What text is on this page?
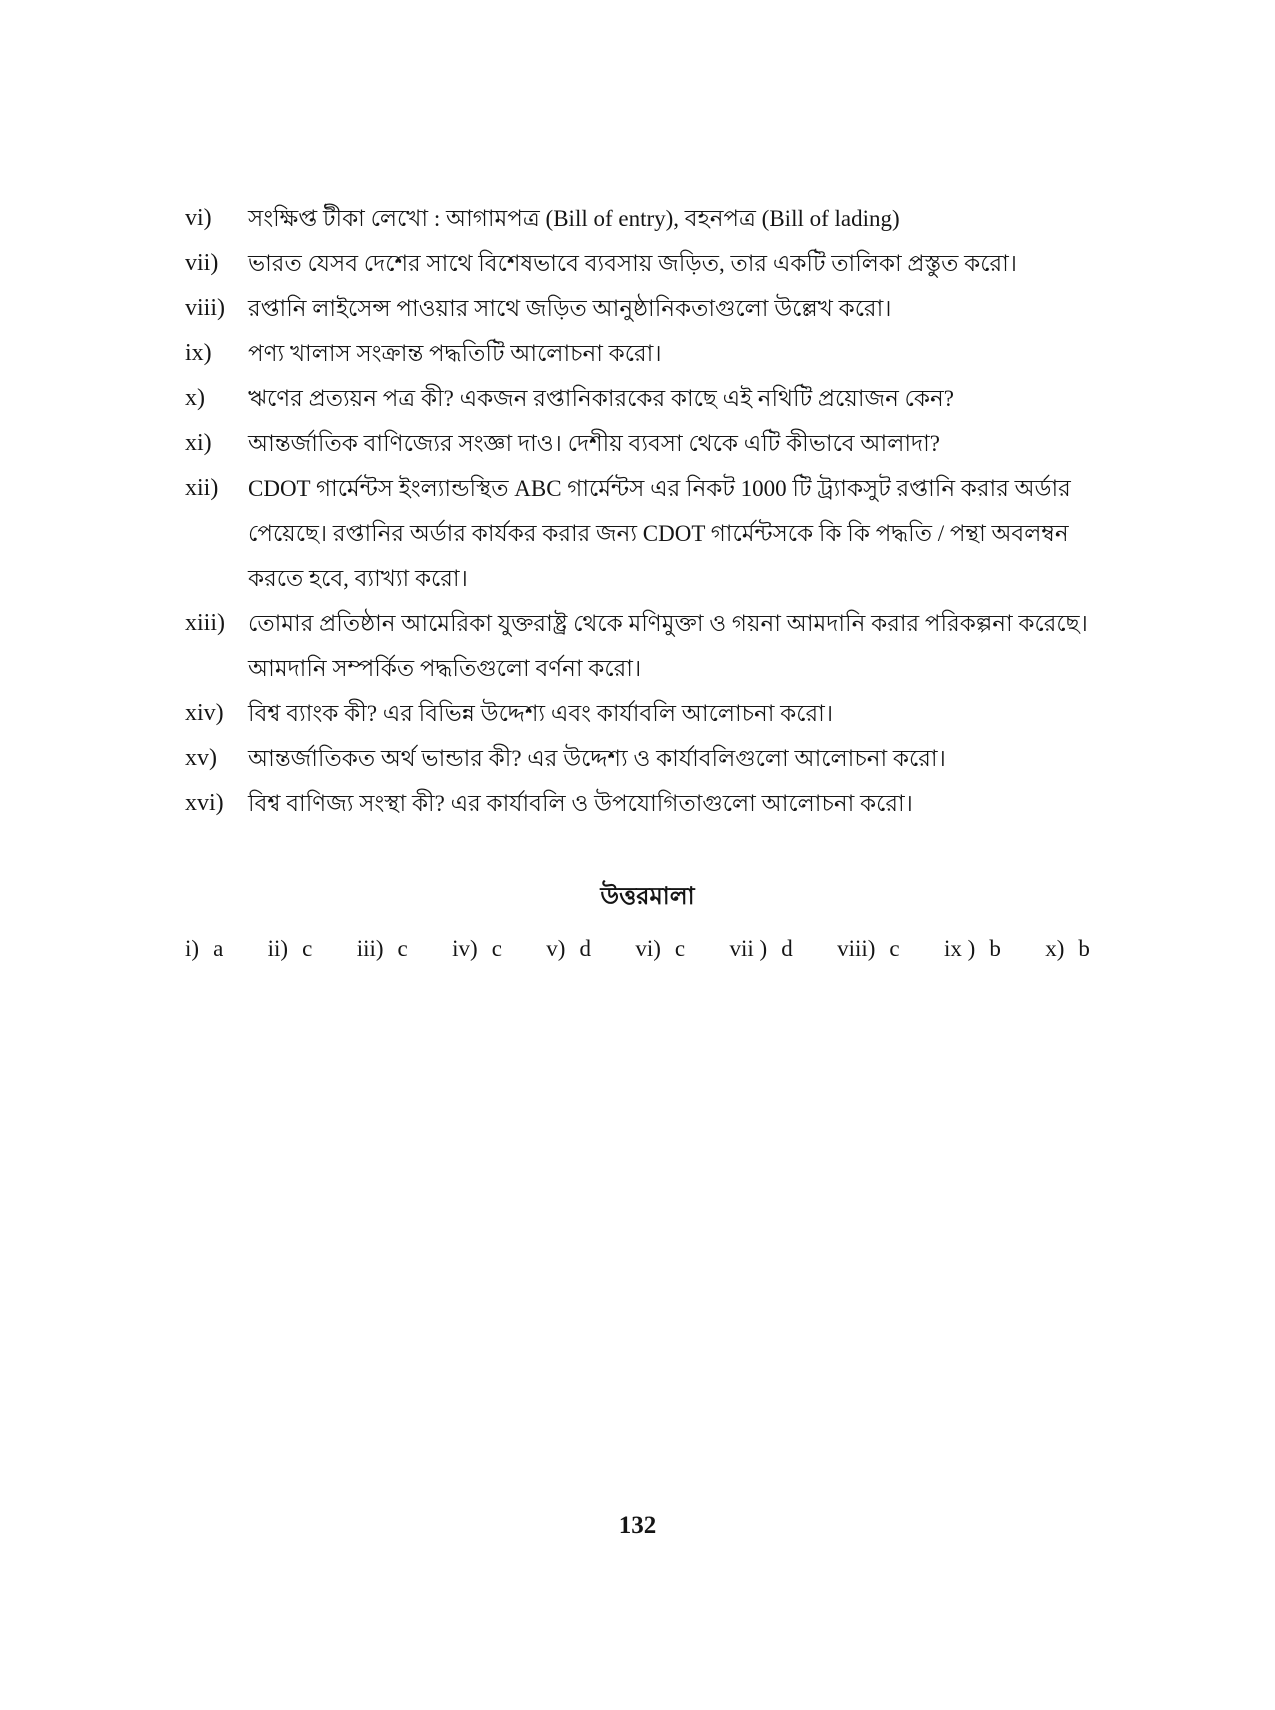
vi)	সংক্ষিপ্ত টীকা লেখো : আগামপত্র (Bill of entry), বহনপত্র (Bill of lading)
vii)	ভারত যেসব দেশের সাথে বিশেষভাবে ব্যবসায় জড়িত, তার একটি তালিকা প্রস্তুত করো।
viii)	রপ্তানি লাইসেন্স পাওয়ার সাথে জড়িত আনুষ্ঠানিকতাগুলো উল্লেখ করো।
ix)	পণ্য খালাস সংক্রান্ত পদ্ধতিটি আলোচনা করো।
x)	ঋণের প্রত্যয়ন পত্র কী? একজন রপ্তানিকারকের কাছে এই নথিটি প্রয়োজন কেন?
xi)	আন্তর্জাতিক বাণিজ্যের সংজ্ঞা দাও। দেশীয় ব্যবসা থেকে এটি কীভাবে আলাদা?
xii)	CDOT গার্মেন্টস ইংল্যান্ডস্থিত ABC গার্মেন্টস এর নিকট 1000 টি ট্র্যাকসুট রপ্তানি করার অর্ডার পেয়েছে। রপ্তানির অর্ডার কার্যকর করার জন্য CDOT গার্মেন্টসকে কি কি পদ্ধতি / পন্থা অবলম্বন করতে হবে, ব্যাখ্যা করো।
xiii)	তোমার প্রতিষ্ঠান আমেরিকা যুক্তরাষ্ট্র থেকে মণিমুক্তা ও গয়না আমদানি করার পরিকল্পনা করেছে। আমদানি সম্পর্কিত পদ্ধতিগুলো বর্ণনা করো।
xiv)	বিশ্ব ব্যাংক কী? এর বিভিন্ন উদ্দেশ্য এবং কার্যাবলি আলোচনা করো।
xv)	আন্তর্জাতিকত অর্থ ভান্ডার কী? এর উদ্দেশ্য ও কার্যাবলিগুলো আলোচনা করো।
xvi)	বিশ্ব বাণিজ্য সংস্থা কী? এর কার্যাবলি ও উপযোগিতাগুলো আলোচনা করো।
উত্তরমালা
i) a ii) c iii) c iv) c v) d vi) c vii ) d viii) c ix ) b x) b
132
